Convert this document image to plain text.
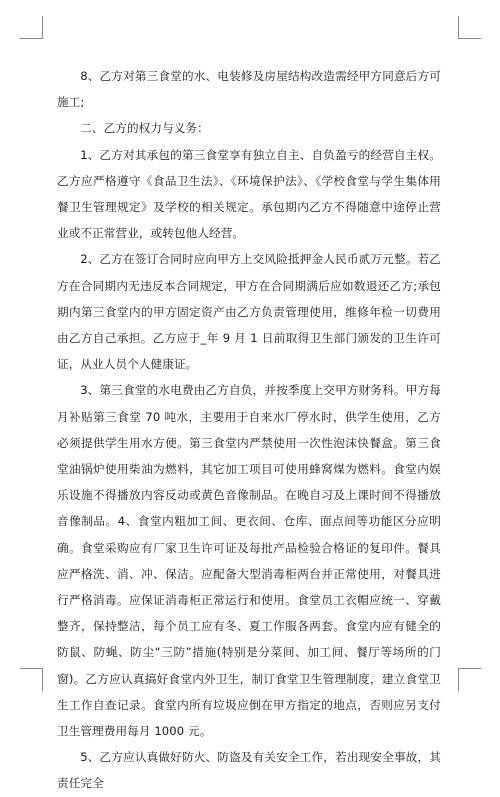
8、乙方对第三食堂的水、电装修及房屋结构改造需经甲方同意后方可施工;

二、乙方的权力与义务：

1、乙方对其承包的第三食堂享有独立自主、自负盈亏的经营自主权。乙方应严格遵守《食品卫生法》、《环境保护法》、《学校食堂与学生集体用餐卫生管理规定》及学校的相关规定。承包期内乙方不得随意中途停止营业或不正常营业，或转包他人经营。

2、乙方在签订合同时应向甲方上交风险抵押金人民币贰万元整。若乙方在合同期内无违反本合同规定，甲方在合同期满后应如数退还乙方;承包期内第三食堂内的甲方固定资产由乙方负责管理使用，维修年检一切费用由乙方自己承担。乙方应于_年 9 月 1 日前取得卫生部门颁发的卫生许可证，从业人员个人健康证。

3、第三食堂的水电费由乙方自负，并按季度上交甲方财务科。甲方每月补贴第三食堂 70 吨水，主要用于自来水厂停水时，供学生使用，乙方必须提供学生用水方便。第三食堂内严禁使用一次性泡沫快餐盒。第三食堂油锅炉使用柴油为燃料，其它加工项目可使用蜂窝煤为燃料。食堂内娱乐设施不得播放内容反动或黄色音像制品。在晚自习及上课时间不得播放音像制品。4、食堂内粗加工间、更衣间、仓库、面点间等功能区分应明确。食堂采购应有厂家卫生许可证及每批产品检验合格证的复印件。餐具应严格洗、消、冲、保洁。应配备大型消毒柜两台并正常使用，对餐具进行严格消毒。应保证消毒柜正常运行和使用。食堂员工衣帽应统一、穿戴整齐，保持整洁，每个员工应有冬、夏工作服各两套。食堂内应有健全的防鼠、防蝇、防尘“三防”措施(特别是分菜间、加工间、餐厅等场所的门窗)。乙方应认真搞好食堂内外卫生，制订食堂卫生管理制度，建立食堂卫生工作自查记录。食堂内所有垃圾应倒在甲方指定的地点，否则应另支付卫生管理费用每月 1000 元。

5、乙方应认真做好防火、防盗及有关安全工作，若出现安全事故，其责任完全
